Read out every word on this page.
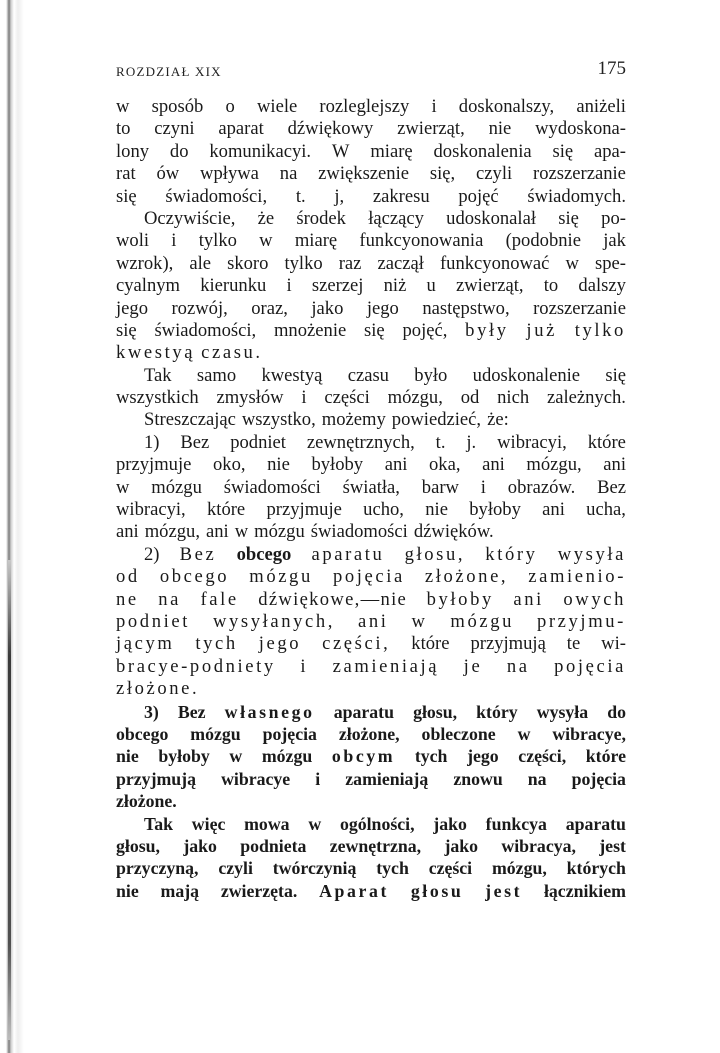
ROZDZIAŁ XIX	175
w sposób o wiele rozleglejszy i doskonalszy, aniżeli
to czyni aparat dźwiękowy zwierząt, nie wydoskona-
lony do komunikacyi. W miarę doskonalenia się apa-
rat ów wpływa na zwiększenie się, czyli rozszerzanie
się świadomości, t. j, zakresu pojęć świadomych.
Oczywiście, że środek łączący udoskonalał się po-
woli i tylko w miarę funkcyonowania (podobnie jak
wzrok), ale skoro tylko raz zaczął funkcyonować w spe-
cyalnym kierunku i szerzej niż u zwierząt, to dalszy
jego rozwój, oraz, jako jego następstwo, rozszerzanie
się świadomości, mnożenie się pojęć, były już tylko
kwestyą czasu.
Tak samo kwestyą czasu było udoskonalenie się
wszystkich zmysłów i części mózgu, od nich zależnych.
Streszczając wszystko, możemy powiedzieć, że:
1) Bez podniet zewnętrznych, t. j. wibracyi, które
przyjmuje oko, nie byłoby ani oka, ani mózgu, ani
w mózgu świadomości światła, barw i obrazów. Bez
wibracyi, które przyjmuje ucho, nie byłoby ani ucha,
ani mózgu, ani w mózgu świadomości dźwięków.
2) Bez obcego aparatu głosu, który wysyła
od obcego mózgu pojęcia złożone, zamienio-
ne na fale dźwiękowe,—nie byłoby ani owych
podniet wysyłanych, ani w mózgu przyjmu-
jącym tych jego części, które przyjmują te wi-
bracye-podniety i zamieniają je na pojęcia
złożone.
3) Bez własnego aparatu głosu, który wysyła do
obcego mózgu pojęcia złożone, obleczone w wibracye,
nie byłoby w mózgu obcym tych jego części, które
przyjmują wibracye i zamieniają znowu na pojęcia
złożone.
Tak więc mowa w ogólności, jako funkcya aparatu
głosu, jako podnieta zewnętrzna, jako wibracya, jest
przyczyną, czyli twórczynią tych części mózgu, których
nie mają zwierzęta. Aparat głosu jest łącznikiem
